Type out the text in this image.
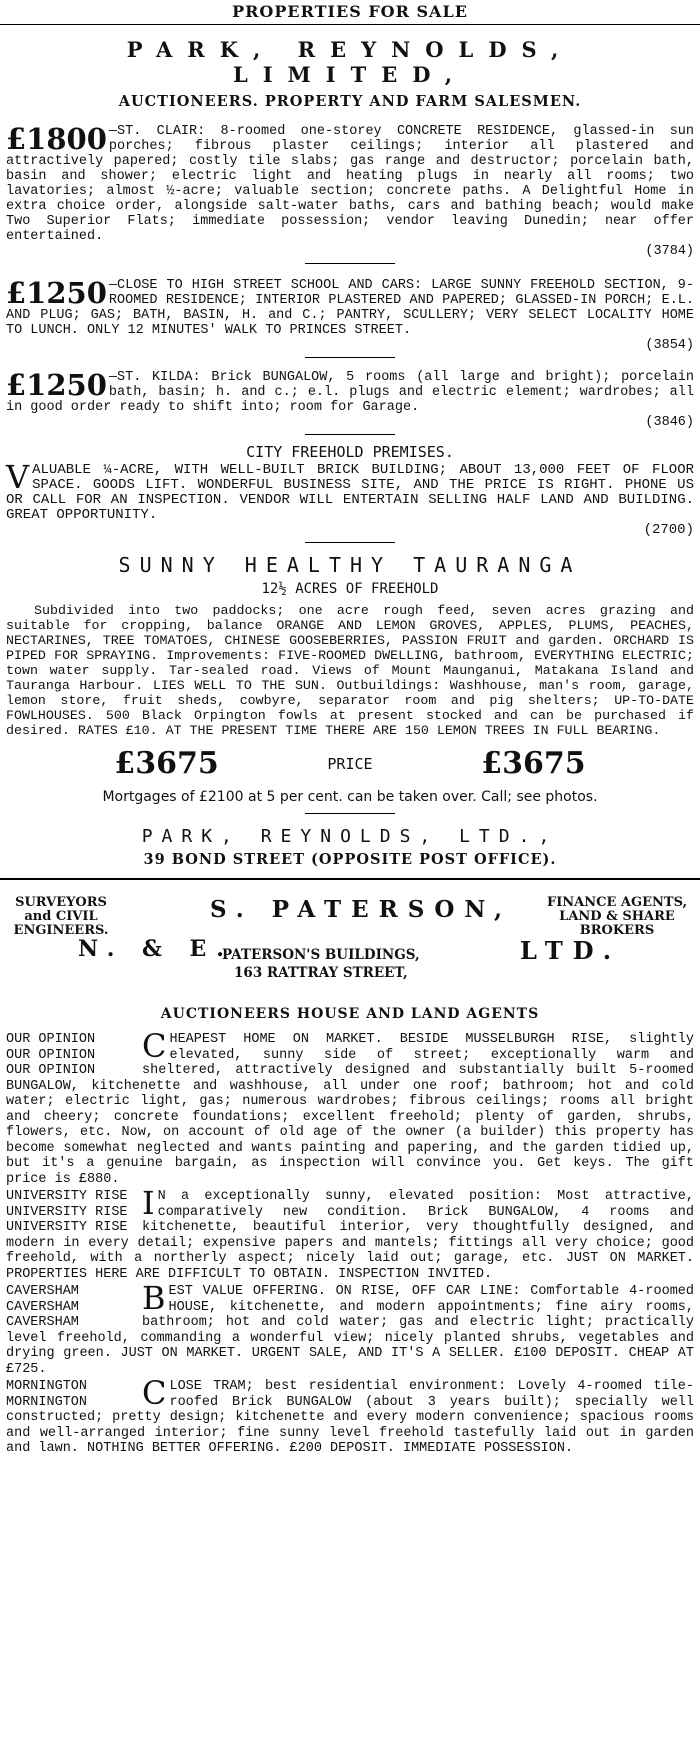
PROPERTIES FOR SALE
PARK, REYNOLDS, LIMITED,
AUCTIONEERS. PROPERTY AND FARM SALESMEN.
£1800 —ST. CLAIR: 8-roomed one-storey CONCRETE RESIDENCE, glassed-in sun porches; fibrous plaster ceilings; interior all plastered and attractively papered; costly tile slabs; gas range and destructor; porcelain bath, basin and shower; electric light and heating plugs in nearly all rooms; two lavatories; almost ½-acre; valuable section; concrete paths. A Delightful Home in extra choice order, alongside salt-water baths, cars and bathing beach; would make Two Superior Flats; immediate possession; vendor leaving Dunedin; near offer entertained.
(3784)
£1250 —CLOSE TO HIGH STREET SCHOOL AND CARS: LARGE SUNNY FREEHOLD SECTION, 9-ROOMED RESIDENCE; INTERIOR PLASTERED AND PAPERED; GLASSED-IN PORCH; E.L. AND PLUG; GAS; BATH, BASIN, H. and C.; PANTRY, SCULLERY; VERY SELECT LOCALITY HOME TO LUNCH. ONLY 12 MINUTES' WALK TO PRINCES STREET.
(3854)
£1250 —ST. KILDA: Brick BUNGALOW, 5 rooms (all large and bright); porcelain bath, basin; h. and c.; e.l. plugs and electric element; wardrobes; all in good order ready to shift into; room for Garage.
(3846)
CITY FREEHOLD PREMISES.
V ALUABLE ¼-ACRE, WITH WELL-BUILT BRICK BUILDING; ABOUT 13,000 FEET OF FLOOR SPACE. GOODS LIFT. WONDERFUL BUSINESS SITE, AND THE PRICE IS RIGHT. PHONE US OR CALL FOR AN INSPECTION. VENDOR WILL ENTERTAIN SELLING HALF LAND AND BUILDING. GREAT OPPORTUNITY.
(2700)
SUNNY HEALTHY TAURANGA
12½ ACRES OF FREEHOLD
Subdivided into two paddocks; one acre rough feed, seven acres grazing and suitable for cropping, balance ORANGE AND LEMON GROVES, APPLES, PLUMS, PEACHES, NECTARINES, TREE TOMATOES, CHINESE GOOSEBERRIES, PASSION FRUIT and garden. ORCHARD IS PIPED FOR SPRAYING. Improvements: FIVE-ROOMED DWELLING, bathroom, EVERYTHING ELECTRIC; town water supply. Tar-sealed road. Views of Mount Maunganui, Matakana Island and Tauranga Harbour. LIES WELL TO THE SUN. Outbuildings: Washhouse, man's room, garage, lemon store, fruit sheds, cowbyre, separator room and pig shelters; UP-TO-DATE FOWLHOUSES. 500 Black Orpington fowls at present stocked and can be purchased if desired. RATES £10. AT THE PRESENT TIME THERE ARE 150 LEMON TREES IN FULL BEARING.
£3675	PRICE	£3675
Mortgages of £2100 at 5 per cent. can be taken over. Call; see photos.
PARK, REYNOLDS, LTD.,
39 BOND STREET (OPPOSITE POST OFFICE).
SURVEYORS and CIVIL ENGINEERS.
S. PATERSON,	FINANCE AGENTS, LAND & SHARE BROKERS
N. & E.	LTD.
PATERSON'S BUILDINGS,
163 RATTRAY STREET,
AUCTIONEERS HOUSE AND LAND AGENTS
OUR OPINION
OUR OPINION
OUR OPINION
C HEAPEST HOME ON MARKET. BESIDE MUSSELBURGH RISE, slightly elevated, sunny side of street; exceptionally warm and sheltered, attractively designed and substantially built 5-roomed BUNGALOW, kitchenette and washhouse, all under one roof; bathroom; hot and cold water; electric light, gas; numerous wardrobes; fibrous ceilings; rooms all bright and cheery; concrete foundations; excellent freehold; plenty of garden, shrubs, flowers, etc. Now, on account of old age of the owner (a builder) this property has become somewhat neglected and wants painting and papering, and the garden tidied up, but it's a genuine bargain, as inspection will convince you. Get keys. The gift price is £880.
UNIVERSITY RISE
UNIVERSITY RISE
UNIVERSITY RISE
I N a exceptionally sunny, elevated position: Most attractive, comparatively new condition. Brick BUNGALOW, 4 rooms and kitchenette, beautiful interior, very thoughtfully designed, and modern in every detail; expensive papers and mantels; fittings all very choice; good freehold, with a northerly aspect; nicely laid out; garage, etc. JUST ON MARKET. PROPERTIES HERE ARE DIFFICULT TO OBTAIN. INSPECTION INVITED.
CAVERSHAM
CAVERSHAM
CAVERSHAM
B EST VALUE OFFERING. ON RISE, OFF CAR LINE: Comfortable 4-roomed HOUSE, kitchenette, and modern appointments; fine airy rooms, bathroom; hot and cold water; gas and electric light; practically level freehold, commanding a wonderful view; nicely planted shrubs, vegetables and drying green. JUST ON MARKET. URGENT SALE, AND IT'S A SELLER. £100 DEPOSIT. CHEAP AT £725.
MORNINGTON
MORNINGTON	C LOSE TRAM; best residential environment: Lovely 4-roomed tile-roofed Brick BUNGALOW (about 3 years built); specially well constructed; pretty design; kitchenette and every modern convenience; spacious rooms and well-arranged interior; fine sunny level freehold tastefully laid out in garden and lawn. NOTHING BETTER OFFERING. £200 DEPOSIT. IMMEDIATE POSSESSION.
